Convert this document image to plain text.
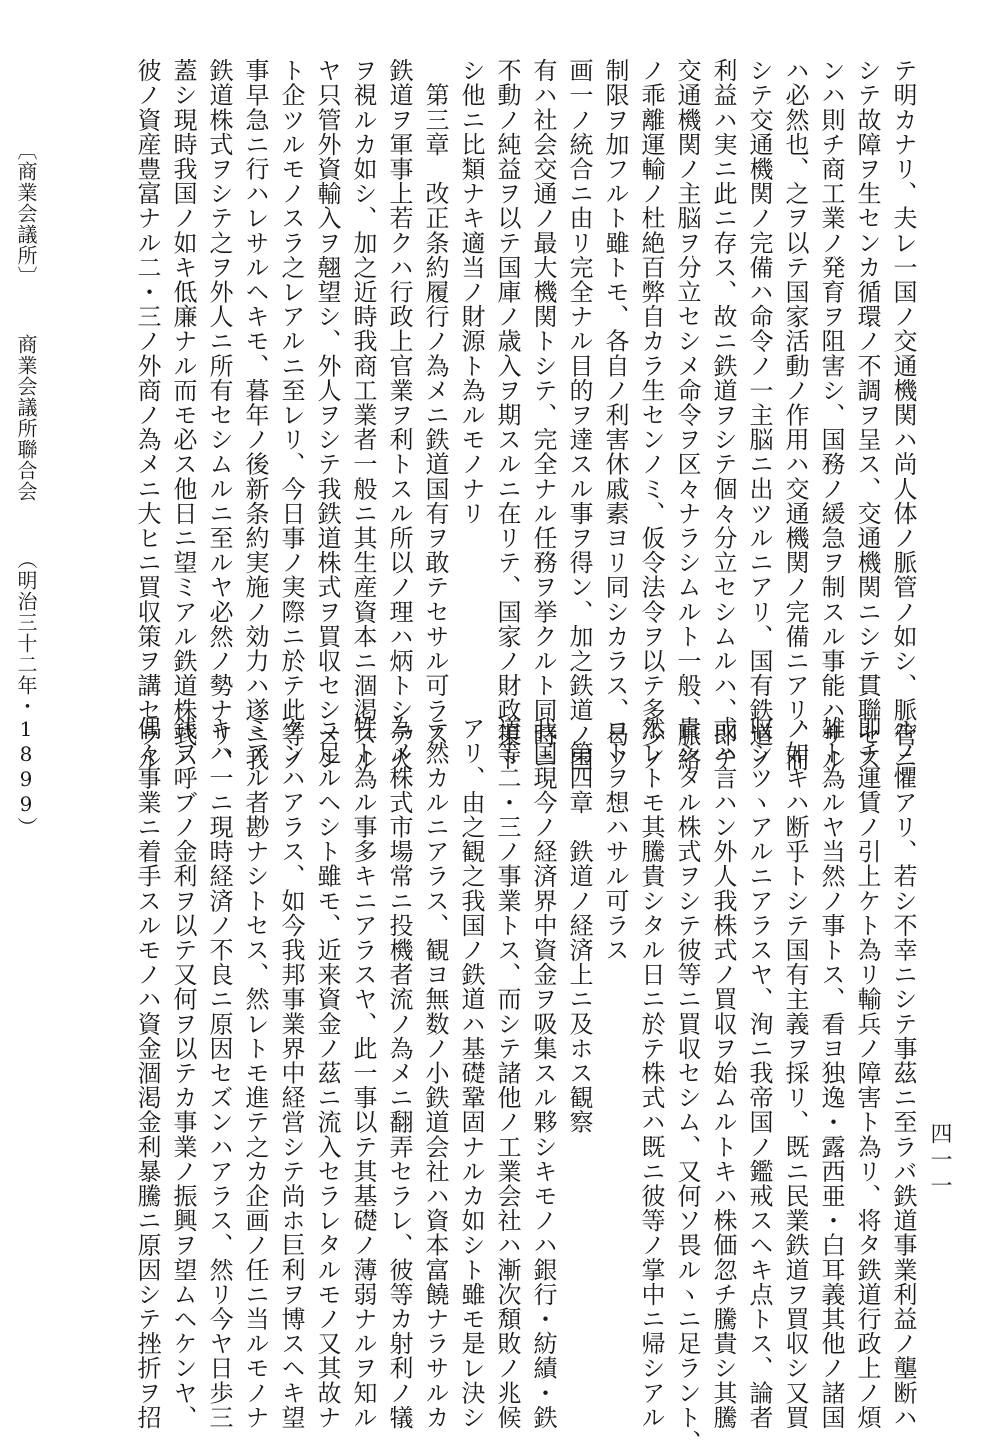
テ明カナリ、夫レ一国ノ交通機関ハ尚人体ノ脈管ノ如シ、脈管ニ

シテ故障ヲ生センカ循環ノ不調ヲ呈ス、交通機関ニシテ貫聯セス

ンハ則チ商工業ノ発育ヲ阻害シ、国務ノ緩急ヲ制スル事能ハサル

ハ必然也、之ヲ以テ国家活動ノ作用ハ交通機関ノ完備ニアリ、而

シテ交通機関ノ完備ハ命令ノ一主脳ニ出ツルニアリ、国有鉄道ノ

利益ハ実ニ此ニ存ス、故ニ鉄道ヲシテ個々分立セシムルハ、即チ

交通機関ノ主脳ヲ分立セシメ命令ヲ区々ナラシムルト一般、脈絡

ノ乖離運輸ノ杜絶百弊自カラ生センノミ、仮令法令ヲ以テ多少ノ

制限ヲ加フルト雖トモ、各自ノ利害休戚素ヨリ同シカラス、曷ソ

画一ノ統合ニ由リ完全ナル目的ヲ達スル事ヲ得ン、加之鉄道ノ国

有ハ社会交通ノ最大機関トシテ、完全ナル任務ヲ挙クルト同時ニ

不動ノ純益ヲ以テ国庫ノ歳入ヲ期スルニ在リテ、国家ノ財政策ト

シ他ニ比類ナキ適当ノ財源ト為ルモノナリ

　第三章　改正条約履行ノ為メニ鉄道国有ヲ敢テセサル可ラス

鉄道ヲ軍事上若クハ行政上官業ヲ利トスル所以ノ理ハ炳トシテ火

ヲ視ルカ如シ、加之近時我商工業者一般ニ其生産資本ニ涸渇スル

ヤ只管外資輸入ヲ翹望シ、外人ヲシテ我鉄道株式ヲ買収セシメン

ト企ツルモノスラ之レアルニ至レリ、今日事ノ実際ニ於テ此等ノ

事早急ニ行ハレサルヘキモ、暮年ノ後新条約実施ノ効力ハ遂ニ我

鉄道株式ヲシテ之ヲ外人ニ所有セシムルニ至ルヤ必然ノ勢ナリ、

蓋シ現時我国ノ如キ低廉ナル而モ必ス他日ニ望ミアル鉄道株式ハ

彼ノ資産豊富ナル二・三ノ外商ノ為メニ大ヒニ買収策ヲ講セラル

ルノ懼アリ、若シ不幸ニシテ事茲ニ至ラバ鉄道事業利益ノ壟断ハ

即チ運賃ノ引上ケト為リ輸兵ノ障害ト為リ、将タ鉄道行政上ノ煩

雑ト為ルヤ当然ノ事トス、看ヨ独逸・露西亜・白耳義其他ノ諸国

ノ如キハ断乎トシテ国有主義ヲ採リ、既ニ民業鉄道ヲ買収シ又買

収シツヽアルニアラスヤ、洵ニ我帝国ノ鑑戒スヘキ点トス、論者

或ハ言ハン外人我株式ノ買収ヲ始ムルトキハ株価忽チ騰貴シ其騰

貴シタル株式ヲシテ彼等ニ買収セシム、又何ソ畏ルヽニ足ラント、

然レトモ其騰貴シタル日ニ於テ株式ハ既ニ彼等ノ掌中ニ帰シアル

コトヲ想ハサル可ラス

　第四章　鉄道ノ経済上ニ及ホス観察

我国現今ノ経済界中資金ヲ吸集スル夥シキモノハ銀行・紡績・鉄

道等二・三ノ事業トス、而シテ諸他ノ工業会社ハ漸次頽敗ノ兆候

アリ、由之観之我国ノ鉄道ハ基礎鞏固ナルカ如シト雖モ是レ決シ

テ然カルニアラス、観ヨ無数ノ小鉄道会社ハ資本富饒ナラサルカ

為メ株式市場常ニ投機者流ノ為メニ翻弄セラレ、彼等カ射利ノ犠

牲ト為ル事多キニアラスヤ、此一事以テ其基礎ノ薄弱ナルヲ知ル

ニ足ルヘシト雖モ、近来資金ノ茲ニ流入セラレタルモノ又其故ナ

クンハアラス、如今我邦事業界中経営シテ尚ホ巨利ヲ博スヘキ望

ミアル者尠ナシトセス、然レトモ進テ之カ企画ノ任ニ当ルモノナ

キハ一ニ現時経済ノ不良ニ原因セズンハアラス、然リ今ヤ日歩三

銭ヲ呼ブノ金利ヲ以テ又何ヲ以テカ事業ノ振興ヲ望ムヘケンヤ、

偶々事業ニ着手スルモノハ資金涸渇金利暴騰ニ原因シテ挫折ヲ招

〔商業会議所〕 商業会議所聯合会 （明治三十二年・1899）
四一一
